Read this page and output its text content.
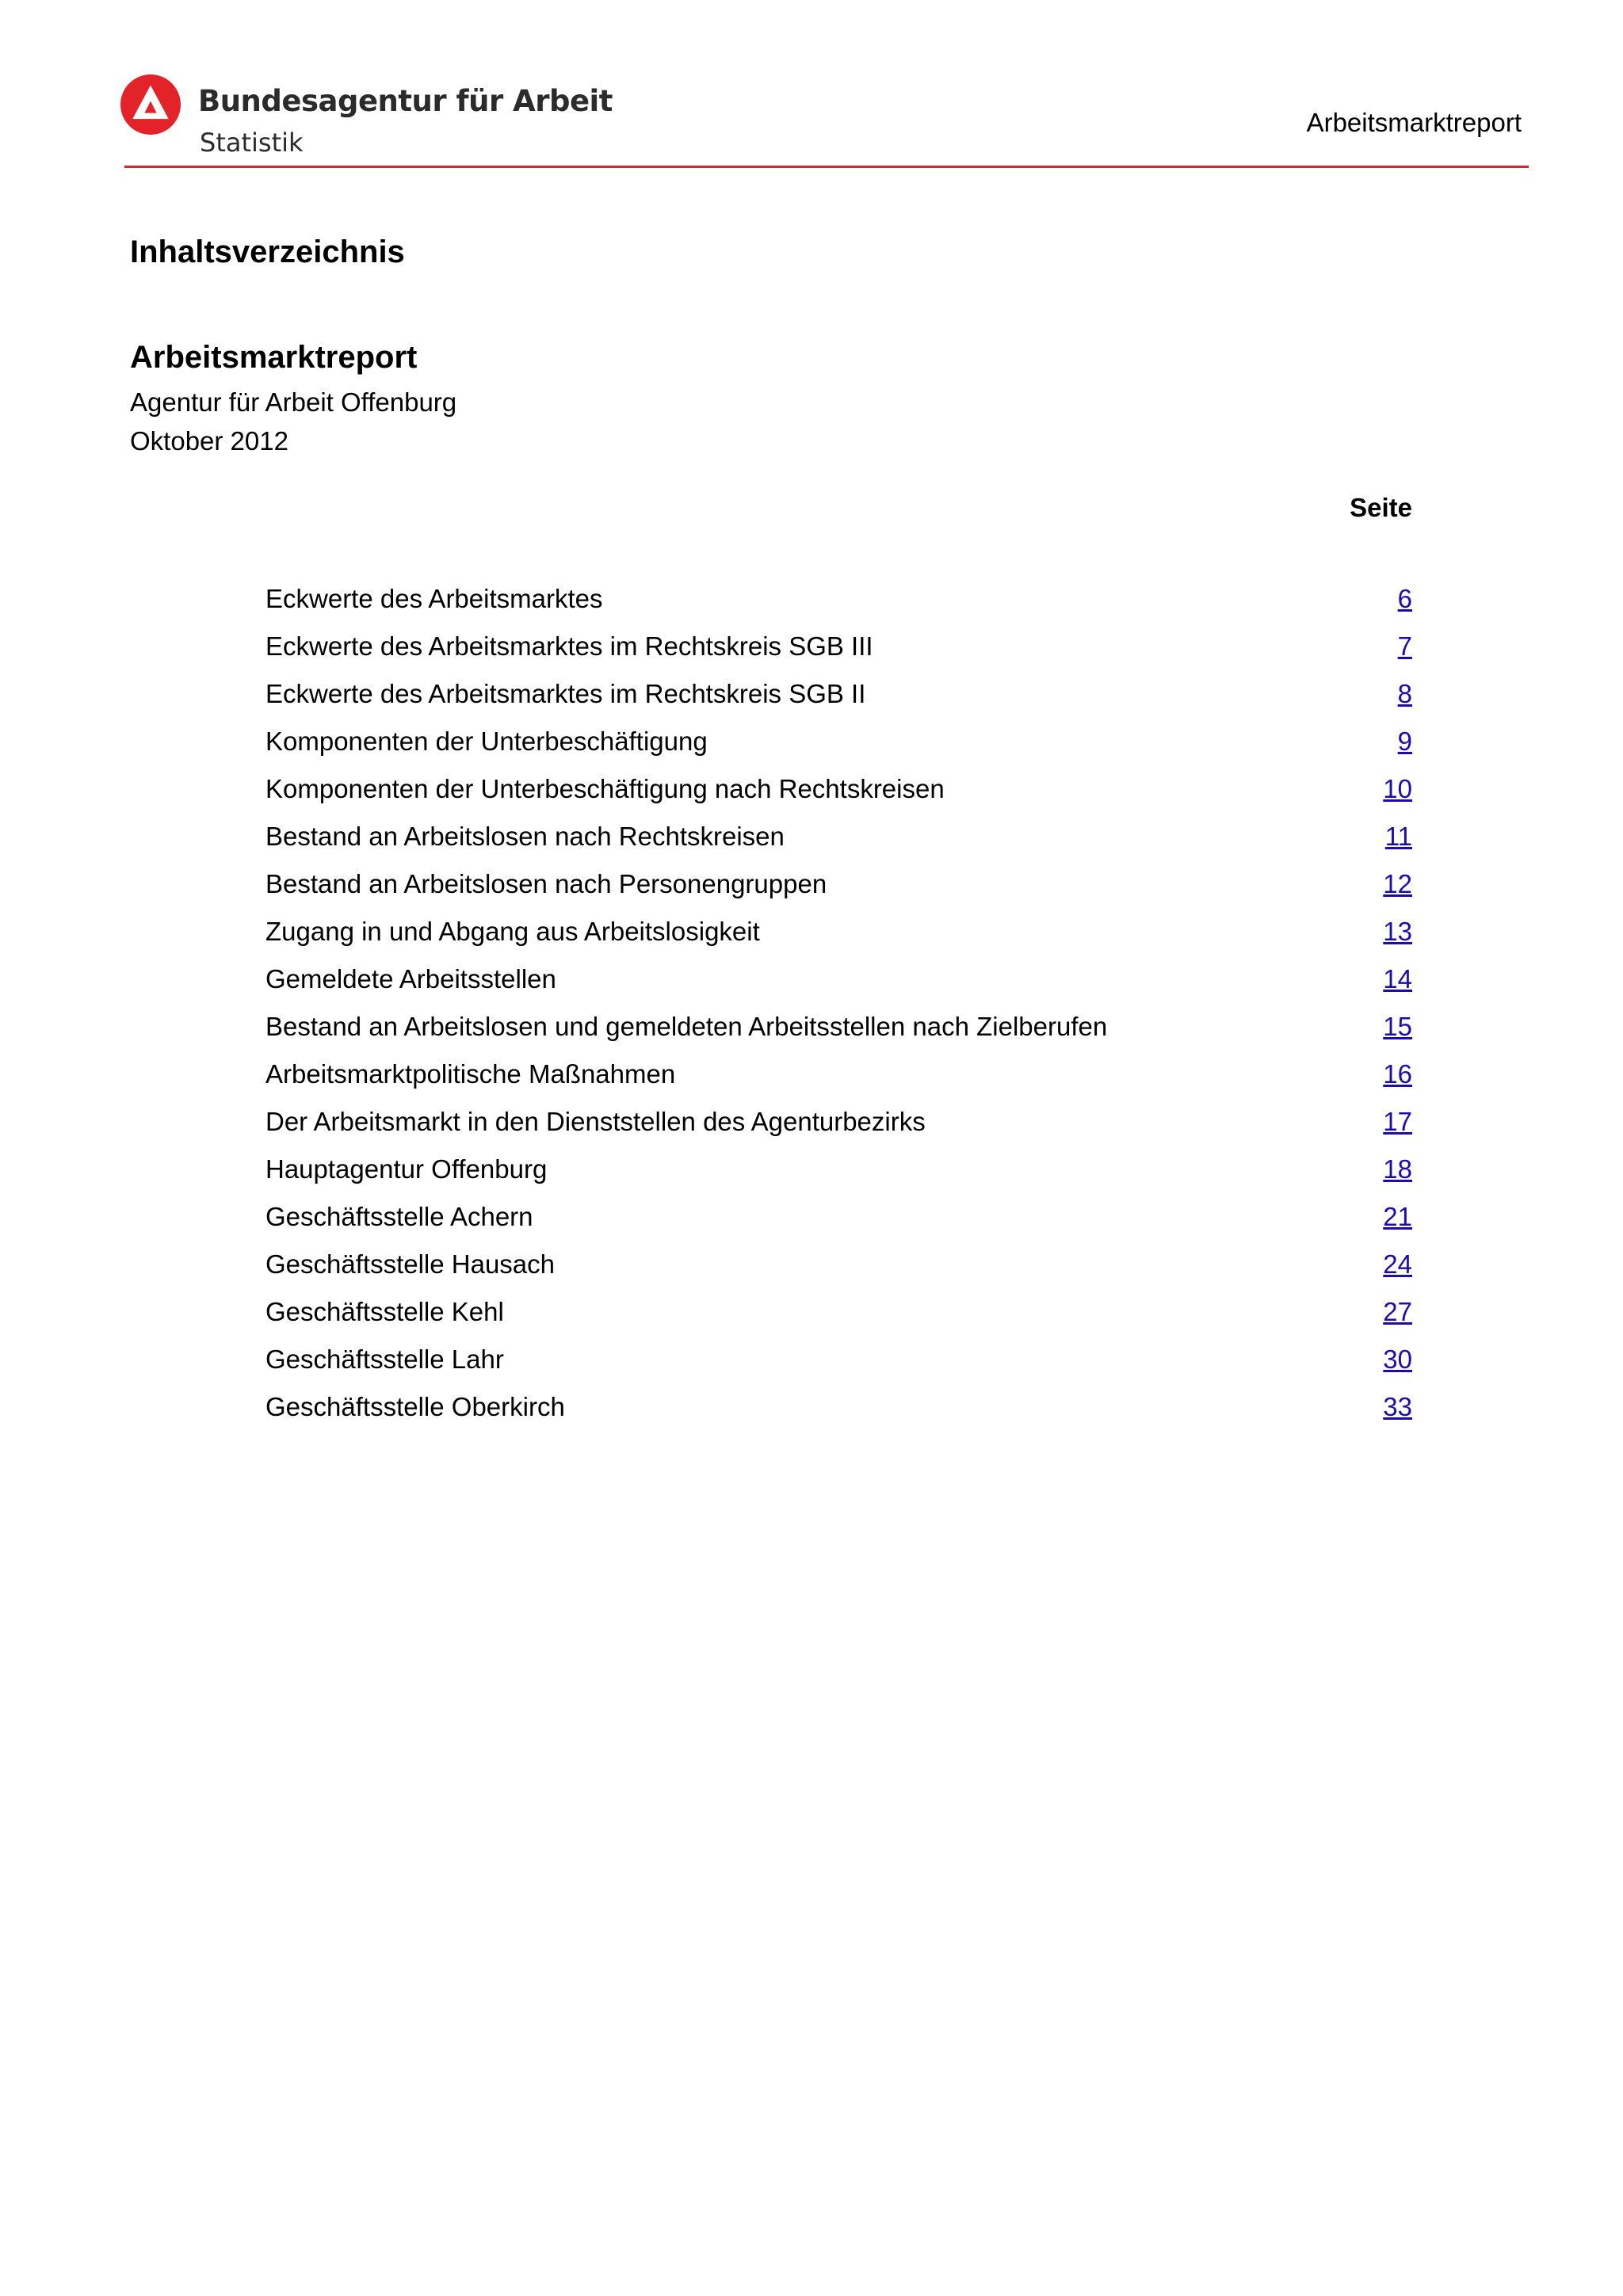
Bundesagentur für Arbeit
Statistik
Arbeitsmarktreport
Inhaltsverzeichnis
Arbeitsmarktreport
Agentur für Arbeit Offenburg
Oktober 2012
Seite
Eckwerte des Arbeitsmarktes	6
Eckwerte des Arbeitsmarktes im Rechtskreis SGB III	7
Eckwerte des Arbeitsmarktes im Rechtskreis SGB II	8
Komponenten der Unterbeschäftigung	9
Komponenten der Unterbeschäftigung nach Rechtskreisen	10
Bestand an Arbeitslosen nach Rechtskreisen	11
Bestand an Arbeitslosen nach Personengruppen	12
Zugang in und Abgang aus Arbeitslosigkeit	13
Gemeldete Arbeitsstellen	14
Bestand an Arbeitslosen und gemeldeten Arbeitsstellen nach Zielberufen	15
Arbeitsmarktpolitische Maßnahmen	16
Der Arbeitsmarkt in den Dienststellen des Agenturbezirks	17
Hauptagentur Offenburg	18
Geschäftsstelle Achern	21
Geschäftsstelle Hausach	24
Geschäftsstelle Kehl	27
Geschäftsstelle Lahr	30
Geschäftsstelle Oberkirch	33
